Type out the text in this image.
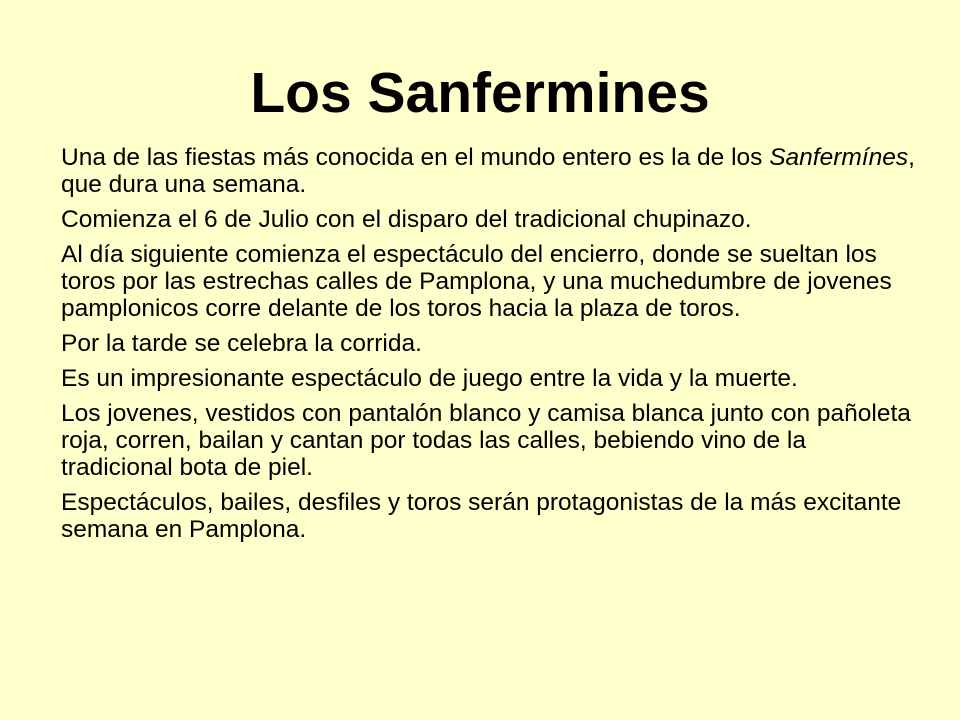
Los Sanfermines
Una de las fiestas más conocida en el mundo entero es la de los Sanfermínes, que dura una semana.
Comienza el 6 de Julio con el disparo del tradicional chupinazo.
Al día siguiente comienza el espectáculo del encierro, donde se sueltan los toros por las estrechas calles de Pamplona, y una muchedumbre de jovenes pamplonicos corre delante de los toros hacia la plaza de toros.
Por la tarde se celebra la corrida.
Es un impresionante espectáculo de juego entre la vida y la muerte.
Los jovenes, vestidos con pantalón blanco y camisa blanca junto con pañoleta roja, corren, bailan y cantan por todas las calles, bebiendo vino de la tradicional bota de piel.
Espectáculos, bailes, desfiles y toros serán protagonistas de la más excitante semana en Pamplona.
